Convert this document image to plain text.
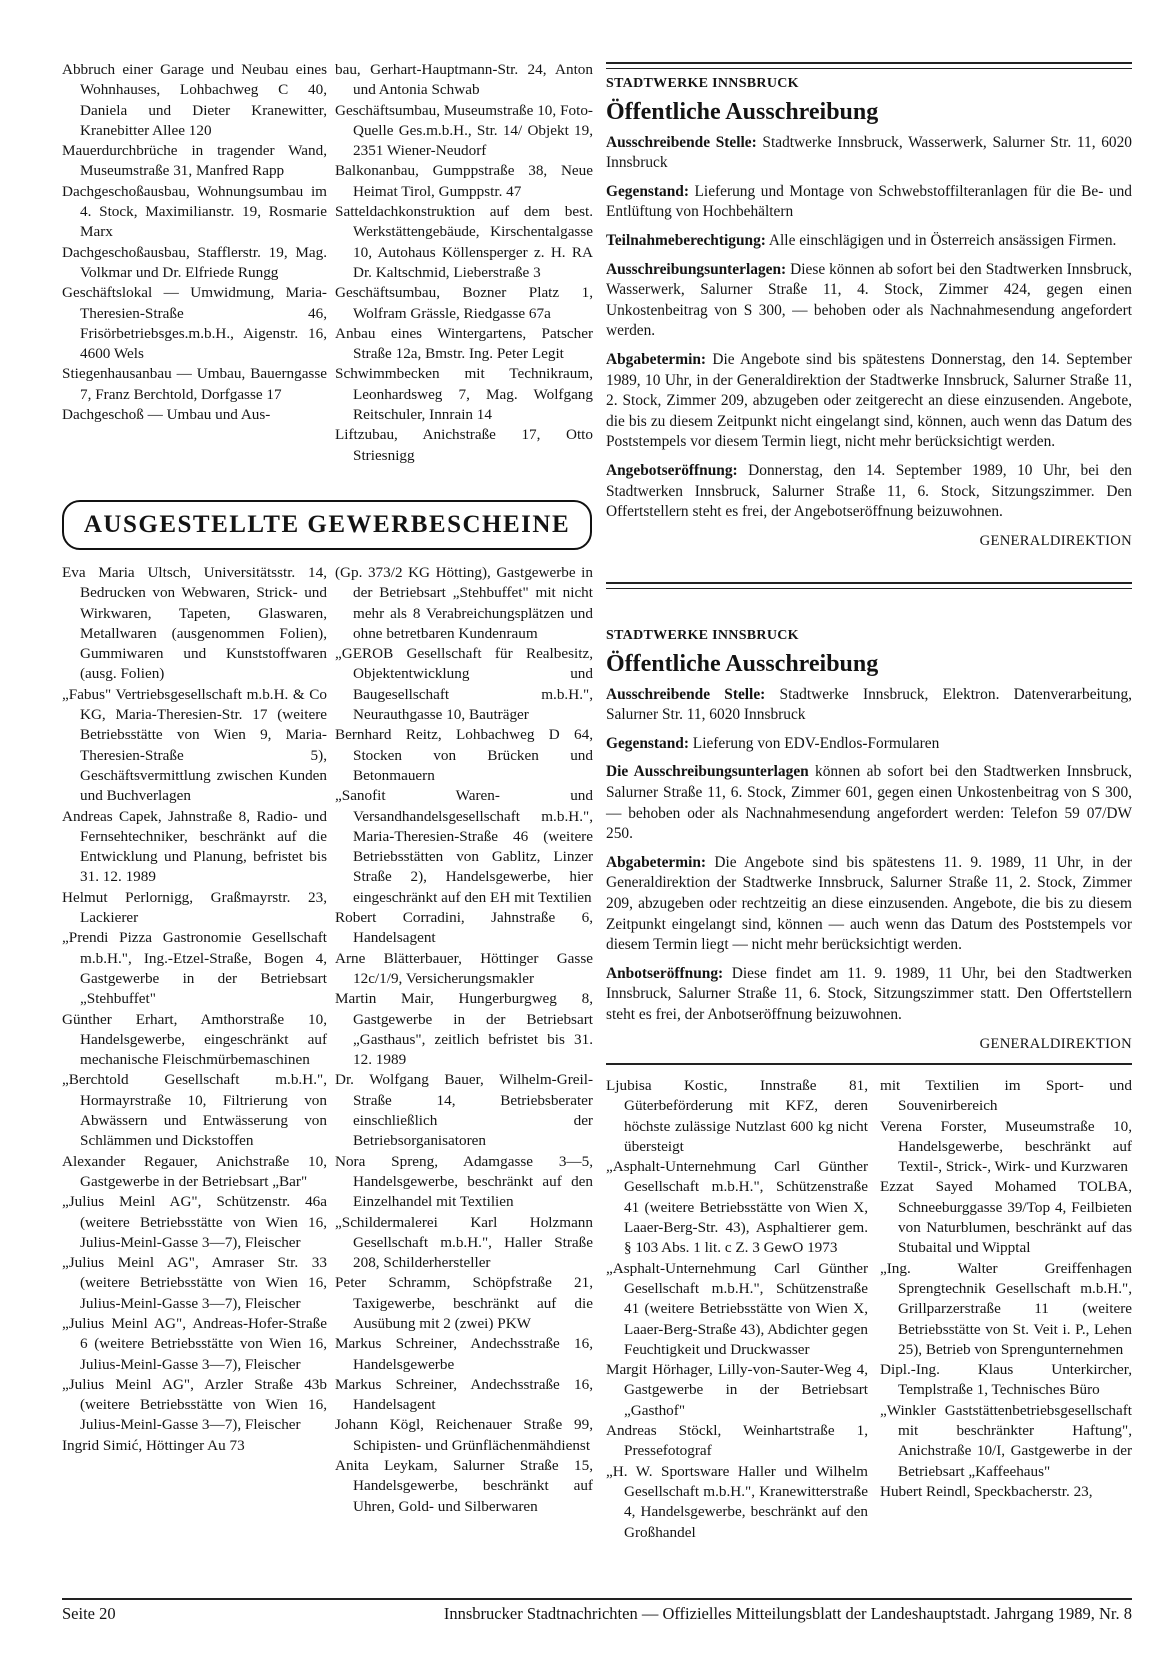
Abbruch einer Garage und Neubau eines Wohnhauses, Lohbachweg C 40, Daniela und Dieter Kranewitter, Kranebitter Allee 120
Mauerdurchbrüche in tragender Wand, Museumstraße 31, Manfred Rapp
Dachgeschoßausbau, Wohnungsumbau im 4. Stock, Maximilianstr. 19, Rosmarie Marx
Dachgeschoßausbau, Stafflerstr. 19, Mag. Volkmar und Dr. Elfriede Rungg
Geschäftslokal — Umwidmung, Maria-Theresien-Straße 46, Frisörbetriebsges.m.b.H., Aigenstr. 16, 4600 Wels
Stiegenhausanbau — Umbau, Bauerngasse 7, Franz Berchtold, Dorfgasse 17
Dachgeschoß — Umbau und Aus-
bau, Gerhart-Hauptmann-Str. 24, Anton und Antonia Schwab
Geschäftsumbau, Museumstraße 10, Foto-Quelle Ges.m.b.H., Str. 14/ Objekt 19, 2351 Wiener-Neudorf
Balkonanbau, Gumppstraße 38, Neue Heimat Tirol, Gumppstr. 47
Satteldachkonstruktion auf dem best. Werkstättengebäude, Kirschentalgasse 10, Autohaus Köllensperger z. H. RA Dr. Kaltschmid, Lieberstraße 3
Geschäftsumbau, Bozner Platz 1, Wolfram Grässle, Riedgasse 67a
Anbau eines Wintergartens, Patscher Straße 12a, Bmstr. Ing. Peter Legit
Schwimmbecken mit Technikraum, Leonhardsweg 7, Mag. Wolfgang Reitschuler, Innrain 14
Liftzubau, Anichstraße 17, Otto Striesnigg
AUSGESTELLTE GEWERBESCHEINE
Eva Maria Ultsch, Universitätsstr. 14, Bedrucken von Webwaren, Strick- und Wirkwaren, Tapeten, Glaswaren, Metallwaren (ausgenommen Folien), Gummiwaren und Kunststoffwaren (ausg. Folien)
„Fabus" Vertriebsgesellschaft m.b.H. & Co KG, Maria-Theresien-Str. 17 (weitere Betriebsstätte von Wien 9, Maria-Theresien-Straße 5), Geschäftsvermittlung zwischen Kunden und Buchverlagen
Andreas Capek, Jahnstraße 8, Radio- und Fernsehtechniker, beschränkt auf die Entwicklung und Planung, befristet bis 31. 12. 1989
Helmut Perlornigg, Graßmayrstr. 23, Lackierer
„Prendi Pizza Gastronomie Gesellschaft m.b.H.", Ing.-Etzel-Straße, Bogen 4, Gastgewerbe in der Betriebsart „Stehbuffet"
Günther Erhart, Amthorstraße 10, Handelsgewerbe, eingeschränkt auf mechanische Fleischmürbemaschinen
„Berchtold Gesellschaft m.b.H.", Hormayrstraße 10, Filtrierung von Abwässern und Entwässerung von Schlämmen und Dickstoffen
Alexander Regauer, Anichstraße 10, Gastgewerbe in der Betriebsart „Bar"
„Julius Meinl AG", Schützenstr. 46a (weitere Betriebsstätte von Wien 16, Julius-Meinl-Gasse 3—7), Fleischer
„Julius Meinl AG", Amraser Str. 33 (weitere Betriebsstätte von Wien 16, Julius-Meinl-Gasse 3—7), Fleischer
„Julius Meinl AG", Andreas-Hofer-Straße 6 (weitere Betriebsstätte von Wien 16, Julius-Meinl-Gasse 3—7), Fleischer
„Julius Meinl AG", Arzler Straße 43b (weitere Betriebsstätte von Wien 16, Julius-Meinl-Gasse 3—7), Fleischer
Ingrid Simić, Höttinger Au 73
(Gp. 373/2 KG Hötting), Gastgewerbe in der Betriebsart „Stehbuffet" mit nicht mehr als 8 Verabreichungsplätzen und ohne betretbaren Kundenraum
„GEROB Gesellschaft für Realbesitz, Objektentwicklung und Baugesellschaft m.b.H.", Neurauthgasse 10, Bauträger
Bernhard Reitz, Lohbachweg D 64, Stocken von Brücken und Betonmauern
„Sanofit Waren- und Versandhandelsgesellschaft m.b.H.", Maria-Theresien-Straße 46 (weitere Betriebsstätten von Gablitz, Linzer Straße 2), Handelsgewerbe, hier eingeschränkt auf den EH mit Textilien
Robert Corradini, Jahnstraße 6, Handelsagent
Arne Blätterbauer, Höttinger Gasse 12c/1/9, Versicherungsmakler
Martin Mair, Hungerburgweg 8, Gastgewerbe in der Betriebsart „Gasthaus", zeitlich befristet bis 31. 12. 1989
Dr. Wolfgang Bauer, Wilhelm-Greil-Straße 14, Betriebsberater einschließlich der Betriebsorganisatoren
Nora Spreng, Adamgasse 3—5, Handelsgewerbe, beschränkt auf den Einzelhandel mit Textilien
„Schildermalerei Karl Holzmann Gesellschaft m.b.H.", Haller Straße 208, Schilderhersteller
Peter Schramm, Schöpfstraße 21, Taxigewerbe, beschränkt auf die Ausübung mit 2 (zwei) PKW
Markus Schreiner, Andechsstraße 16, Handelsgewerbe
Markus Schreiner, Andechsstraße 16, Handelsagent
Johann Kögl, Reichenauer Straße 99, Schipisten- und Grünflächenmähdienst
Anita Leykam, Salurner Straße 15, Handelsgewerbe, beschränkt auf Uhren, Gold- und Silberwaren
STADTWERKE INNSBRUCK
Öffentliche Ausschreibung

Ausschreibende Stelle: Stadtwerke Innsbruck, Wasserwerk, Salurner Str. 11, 6020 Innsbruck

Gegenstand: Lieferung und Montage von Schwebstoffilteranlagen für die Be- und Entlüftung von Hochbehältern

Teilnahmeberechtigung: Alle einschlägigen und in Österreich ansässigen Firmen.

Ausschreibungsunterlagen: Diese können ab sofort bei den Stadtwerken Innsbruck, Wasserwerk, Salurner Straße 11, 4. Stock, Zimmer 424, gegen einen Unkostenbeitrag von S 300, — behoben oder als Nachnahmesendung angefordert werden.

Abgabetermin: Die Angebote sind bis spätestens Donnerstag, den 14. September 1989, 10 Uhr, in der Generaldirektion der Stadtwerke Innsbruck, Salurner Straße 11, 2. Stock, Zimmer 209, abzugeben oder zeitgerecht an diese einzusenden. Angebote, die bis zu diesem Zeitpunkt nicht eingelangt sind, können, auch wenn das Datum des Poststempels vor diesem Termin liegt, nicht mehr berücksichtigt werden.

Angebotseröffnung: Donnerstag, den 14. September 1989, 10 Uhr, bei den Stadtwerken Innsbruck, Salurner Straße 11, 6. Stock, Sitzungszimmer. Den Offertstellern steht es frei, der Angebotseröffnung beizuwohnen.

GENERALDIREKTION
STADTWERKE INNSBRUCK
Öffentliche Ausschreibung

Ausschreibende Stelle: Stadtwerke Innsbruck, Elektron. Datenverarbeitung, Salurner Str. 11, 6020 Innsbruck

Gegenstand: Lieferung von EDV-Endlos-Formularen

Die Ausschreibungsunterlagen können ab sofort bei den Stadtwerken Innsbruck, Salurner Straße 11, 6. Stock, Zimmer 601, gegen einen Unkostenbeitrag von S 300, — behoben oder als Nachnahmesendung angefordert werden: Telefon 59 07/DW 250.

Abgabetermin: Die Angebote sind bis spätestens 11. 9. 1989, 11 Uhr, in der Generaldirektion der Stadtwerke Innsbruck, Salurner Straße 11, 2. Stock, Zimmer 209, abzugeben oder rechtzeitig an diese einzusenden. Angebote, die bis zu diesem Zeitpunkt eingelangt sind, können — auch wenn das Datum des Poststempels vor diesem Termin liegt — nicht mehr berücksichtigt werden.

Anbotseröffnung: Diese findet am 11. 9. 1989, 11 Uhr, bei den Stadtwerken Innsbruck, Salurner Straße 11, 6. Stock, Sitzungszimmer statt. Den Offertstellern steht es frei, der Anbotseröffnung beizuwohnen.

GENERALDIREKTION
Ljubisa Kostic, Innstraße 81, Güterbeförderung mit KFZ, deren höchste zulässige Nutzlast 600 kg nicht übersteigt
„Asphalt-Unternehmung Carl Günther Gesellschaft m.b.H.", Schützenstraße 41 (weitere Betriebsstätte von Wien X, Laaer-Berg-Str. 43), Asphaltierer gem. § 103 Abs. 1 lit. c Z. 3 GewO 1973
„Asphalt-Unternehmung Carl Günther Gesellschaft m.b.H.", Schützenstraße 41 (weitere Betriebsstätte von Wien X, Laaer-Berg-Straße 43), Abdichter gegen Feuchtigkeit und Druckwasser
Margit Hörhager, Lilly-von-Sauter-Weg 4, Gastgewerbe in der Betriebsart „Gasthof"
Andreas Stöckl, Weinhartstraße 1, Pressefotograf
„H. W. Sportsware Haller und Wilhelm Gesellschaft m.b.H.", Kranewitterstraße 4, Handelsgewerbe, beschränkt auf den Großhandel
mit Textilien im Sport- und Souvenirbereich
Verena Forster, Museumstraße 10, Handelsgewerbe, beschränkt auf Textil-, Strick-, Wirk- und Kurzwaren
Ezzat Sayed Mohamed TOLBA, Schneeburggasse 39/Top 4, Feilbieten von Naturblumen, beschränkt auf das Stubaital und Wipptal
„Ing. Walter Greiffenhagen Sprengtechnik Gesellschaft m.b.H.", Grillparzerstraße 11 (weitere Betriebsstätte von St. Veit i. P., Lehen 25), Betrieb von Sprengunternehmen
Dipl.-Ing. Klaus Unterkircher, Templstraße 1, Technisches Büro
„Winkler Gaststättenbetriebsgesellschaft mit beschränkter Haftung", Anichstraße 10/I, Gastgewerbe in der Betriebsart „Kaffeehaus"
Hubert Reindl, Speckbacherstr. 23,
Seite 20	Innsbrucker Stadtnachrichten — Offizielles Mitteilungsblatt der Landeshauptstadt. Jahrgang 1989, Nr. 8
